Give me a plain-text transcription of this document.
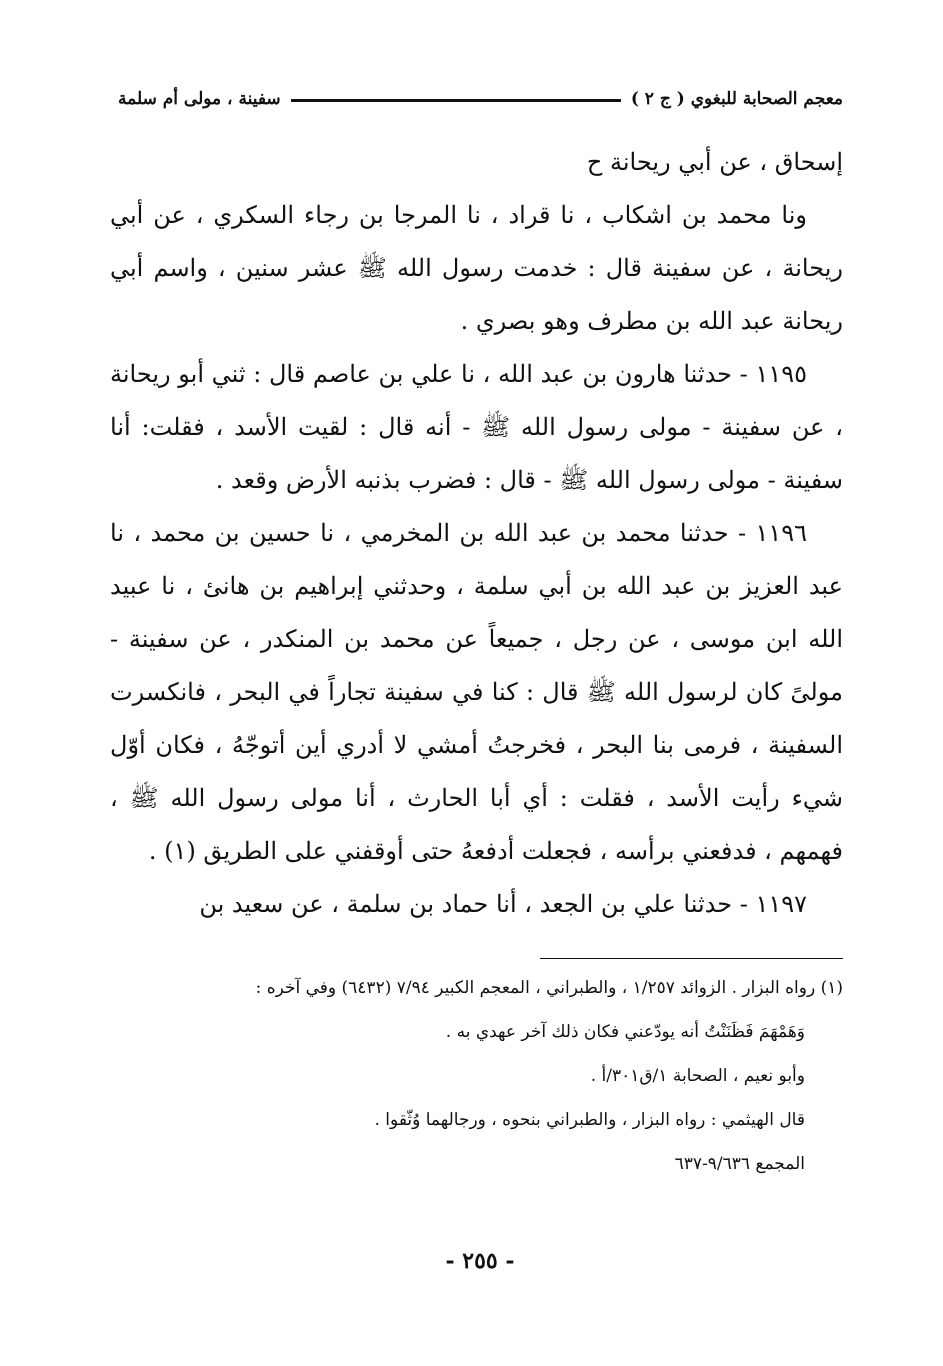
معجم الصحابة للبغوي ( ج ٢ )
سفينة ، مولى أم سلمة

إسحاق ، عن أبي ريحانة ح

ونا محمد بن اشكاب ، نا قراد ، نا المرجا بن رجاء السكري ، عن أبي ريحانة ، عن سفينة قال : خدمت رسول الله ﷺ عشر سنين ، واسم أبي ريحانة عبد الله بن مطرف وهو بصري .

١١٩٥ - حدثنا هارون بن عبد الله ، نا علي بن عاصم قال : ثني أبو ريحانة ، عن سفينة - مولى رسول الله ﷺ - أنه قال : لقيت الأسد ، فقلت: أنا سفينة - مولى رسول الله ﷺ - قال : فضرب بذنبه الأرض وقعد .

١١٩٦ - حدثنا محمد بن عبد الله بن المخرمي ، نا حسين بن محمد ، نا عبد العزيز بن عبد الله بن أبي سلمة ، وحدثني إبراهيم بن هانئ ، نا عبيد الله ابن موسى ، عن رجل ، جميعاً عن محمد بن المنكدر ، عن سفينة - مولىً كان لرسول الله ﷺ قال : كنا في سفينة تجاراً في البحر ، فانكسرت السفينة ، فرمى بنا البحر ، فخرجتُ أمشي لا أدري أين أتوجّهُ ، فكان أوّل شيء رأيت الأسد ، فقلت : أي أبا الحارث ، أنا مولى رسول الله ﷺ ، فهمهم ، فدفعني برأسه ، فجعلت أدفعهُ حتى أوقفني على الطريق (١) .

١١٩٧ - حدثنا علي بن الجعد ، أنا حماد بن سلمة ، عن سعيد بن

(١) رواه البزار . الزوائد ١/٢٥٧ ، والطبراني ، المعجم الكبير ٧/٩٤ (٦٤٣٢) وفي آخره :

وَهَمْهَمَ فَظَنَنْتُ أنه يودّعني فكان ذلك آخر عهدي به .

وأبو نعيم ، الصحابة ١/ق٣٠١/أ .

قال الهيثمي : رواه البزار ، والطبراني بنحوه ، ورجالهما وُثّقوا .

المجمع ٩/٦٣٦-٦٣٧

- ٢٥٥ -
